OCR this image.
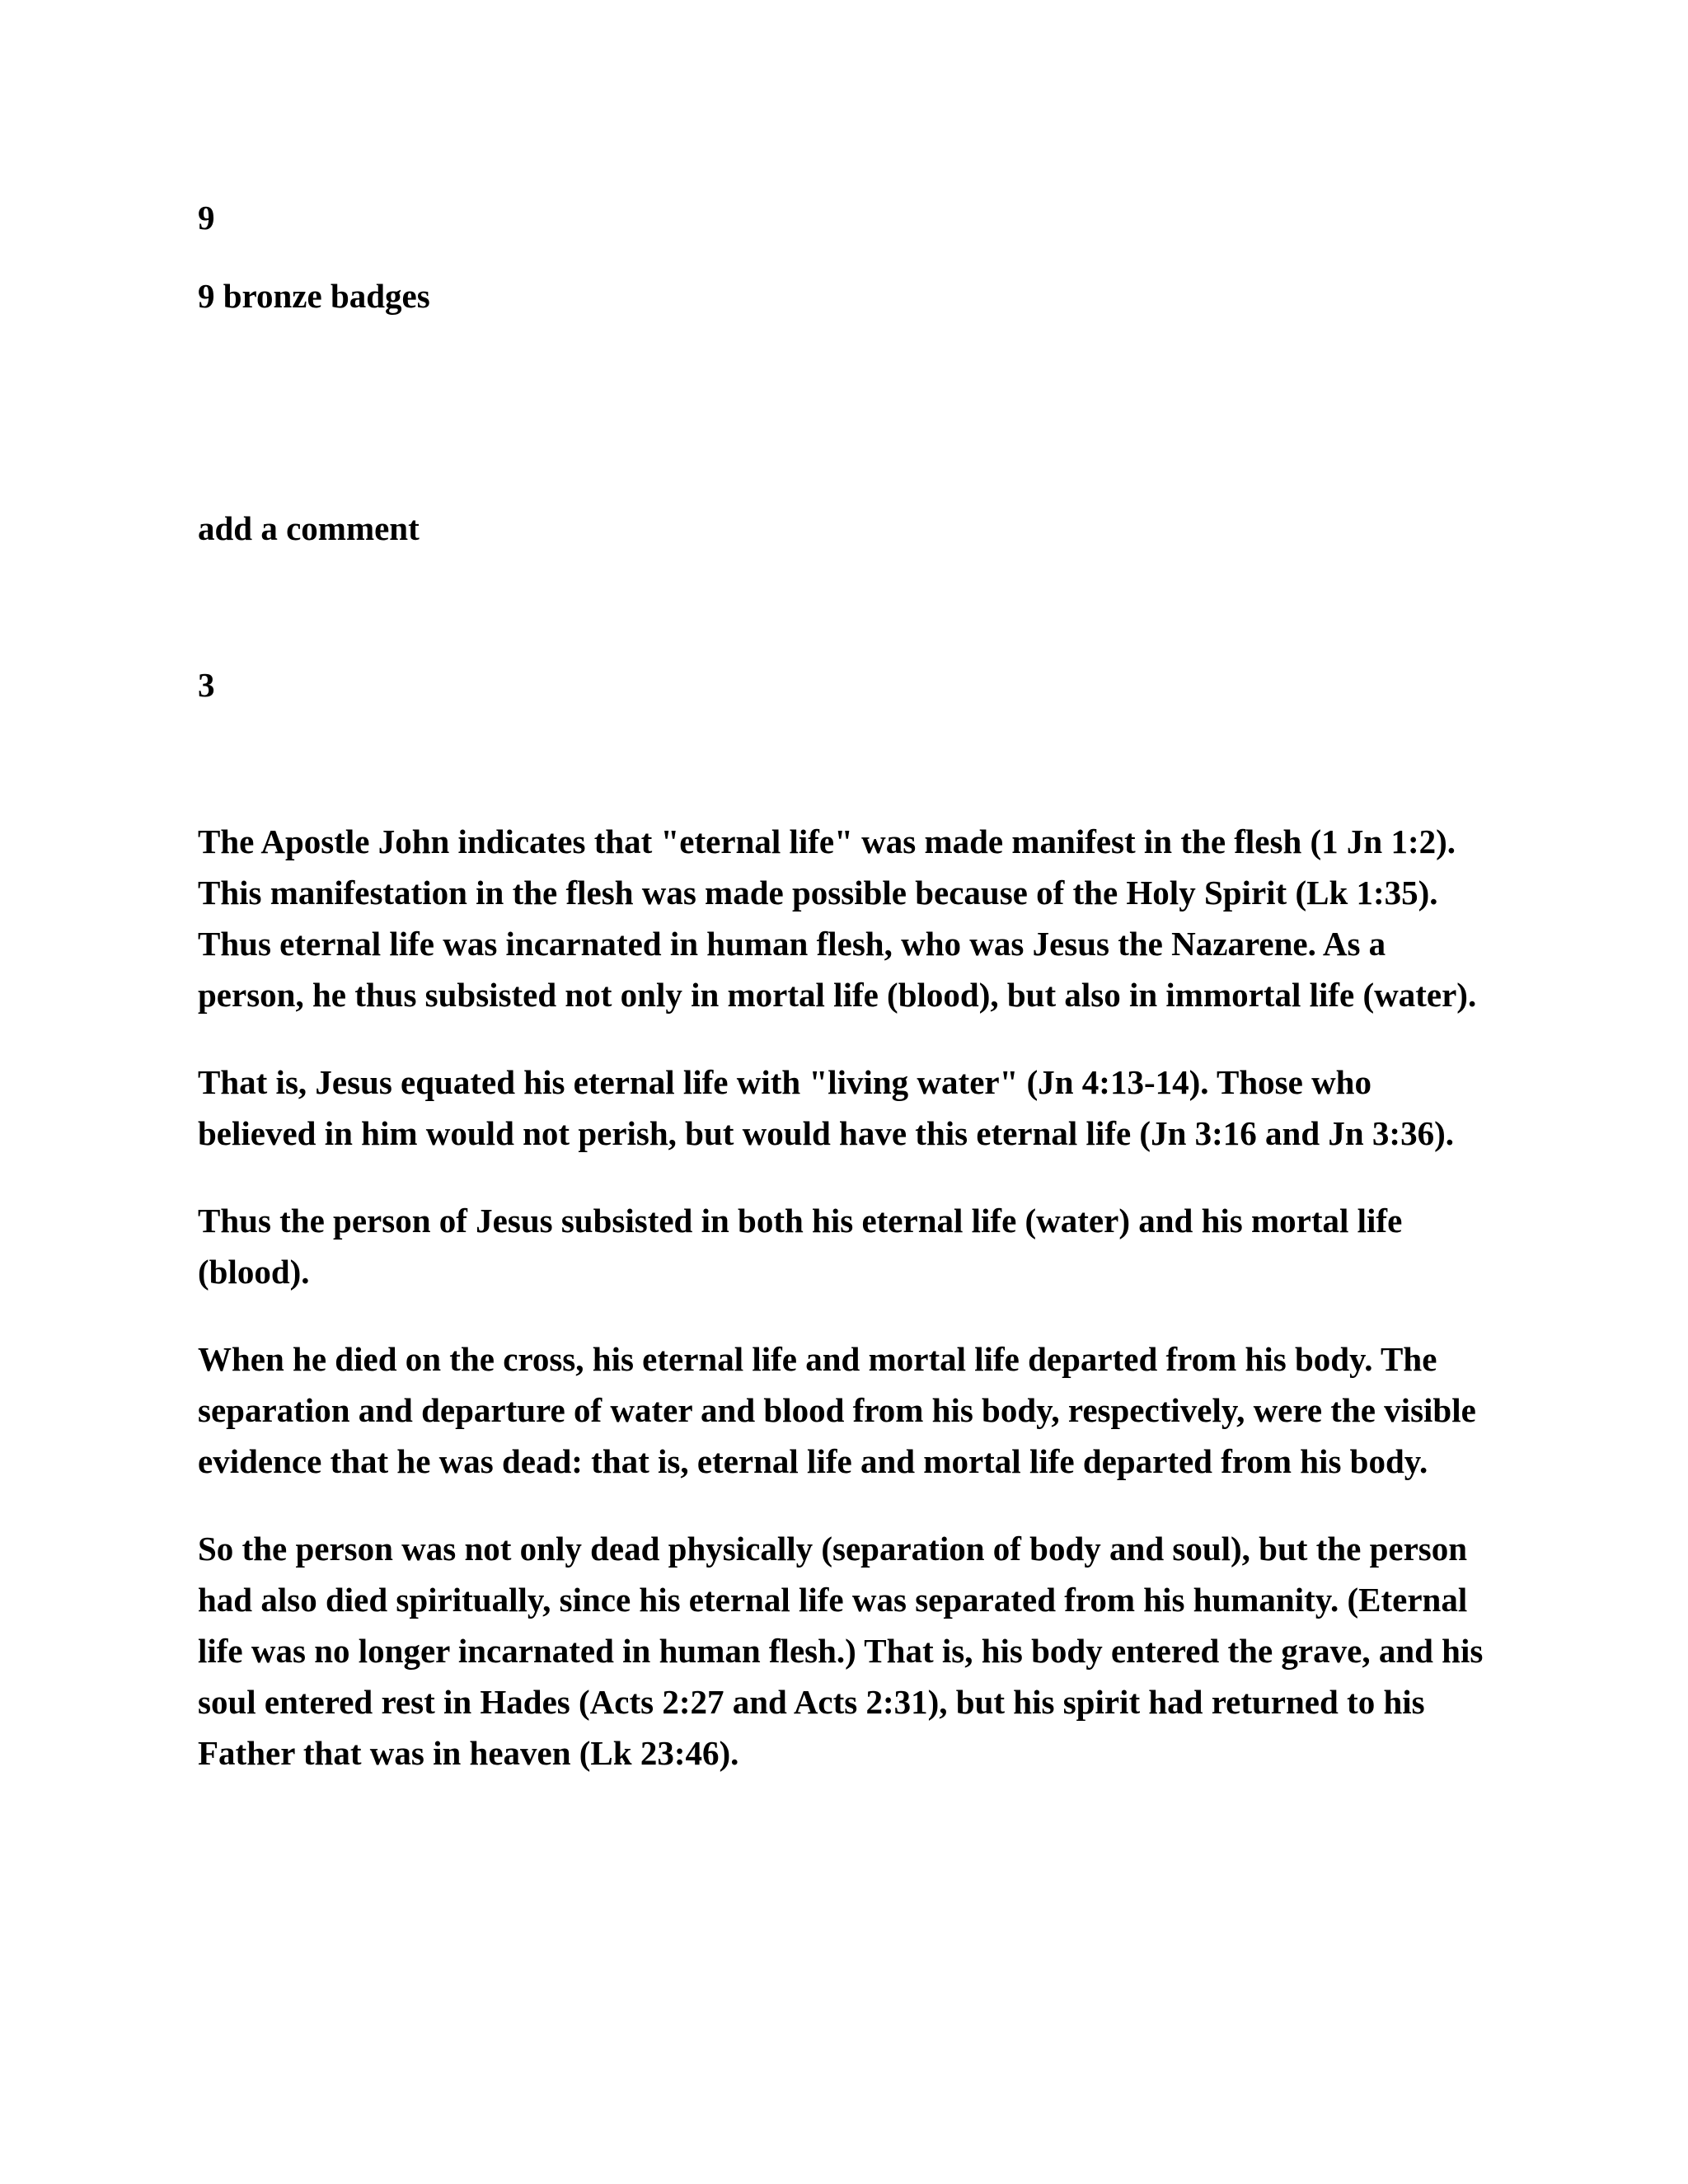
9
9 bronze badges
add a comment
3

The Apostle John indicates that "eternal life" was made manifest in the flesh (1 Jn 1:2). This manifestation in the flesh was made possible because of the Holy Spirit (Lk 1:35). Thus eternal life was incarnated in human flesh, who was Jesus the Nazarene. As a person, he thus subsisted not only in mortal life (blood), but also in immortal life (water).

That is, Jesus equated his eternal life with "living water" (Jn 4:13-14). Those who believed in him would not perish, but would have this eternal life (Jn 3:16 and Jn 3:36).

Thus the person of Jesus subsisted in both his eternal life (water) and his mortal life (blood).

When he died on the cross, his eternal life and mortal life departed from his body. The separation and departure of water and blood from his body, respectively, were the visible evidence that he was dead: that is, eternal life and mortal life departed from his body.

So the person was not only dead physically (separation of body and soul), but the person had also died spiritually, since his eternal life was separated from his humanity. (Eternal life was no longer incarnated in human flesh.) That is, his body entered the grave, and his soul entered rest in Hades (Acts 2:27 and Acts 2:31), but his spirit had returned to his Father that was in heaven (Lk 23:46).
